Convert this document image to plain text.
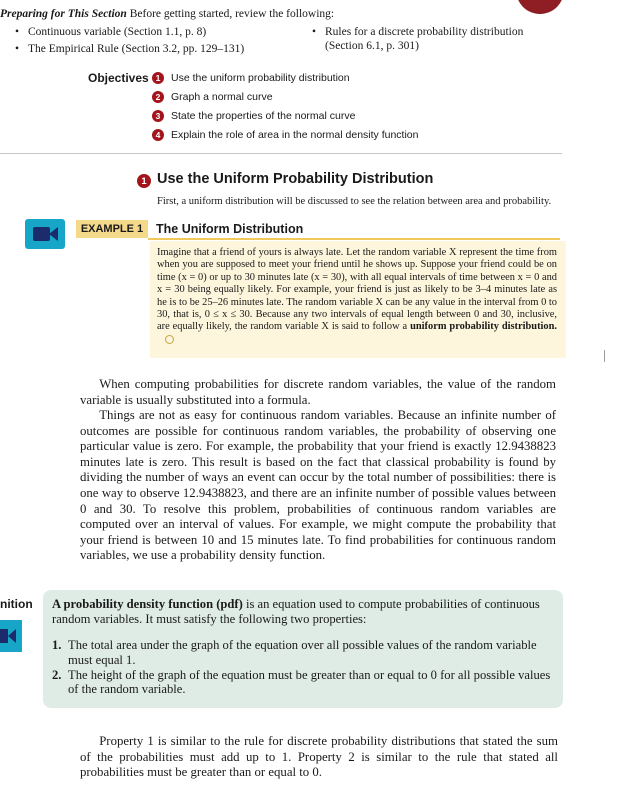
Preparing for This Section Before getting started, review the following:
• Continuous variable (Section 1.1, p. 8)
• The Empirical Rule (Section 3.2, pp. 129–131)
• Rules for a discrete probability distribution
(Section 6.1, p. 301)
Objectives 1	Use the uniform probability distribution
2	Graph a normal curve
3	State the properties of the normal curve
4	Explain the role of area in the normal density function
1 Use the Uniform Probability Distribution
First, a uniform distribution will be discussed to see the relation between area and probability.
EXAMPLE 1	The Uniform Distribution
Imagine that a friend of yours is always late. Let the random variable X represent the time from when you are supposed to meet your friend until he shows up. Suppose your friend could be on time (x = 0) or up to 30 minutes late (x = 30), with all equal intervals of time between x = 0 and x = 30 being equally likely. For example, your friend is just as likely to be 3–4 minutes late as he is to be 25–26 minutes late. The random variable X can be any value in the interval from 0 to 30, that is, 0 ≤ x ≤ 30. Because any two intervals of equal length between 0 and 30, inclusive, are equally likely, the random variable X is said to follow a uniform probability distribution.
When computing probabilities for discrete random variables, the value of the random variable is usually substituted into a formula.
Things are not as easy for continuous random variables. Because an infinite number of outcomes are possible for continuous random variables, the probability of observing one particular value is zero. For example, the probability that your friend is exactly 12.9438823 minutes late is zero. This result is based on the fact that classical probability is found by dividing the number of ways an event can occur by the total number of possibilities: there is one way to observe 12.9438823, and there are an infinite number of possible values between 0 and 30. To resolve this problem, probabilities of continuous random variables are computed over an interval of values. For example, we might compute the probability that your friend is between 10 and 15 minutes late. To find probabilities for continuous random variables, we use a probability density function.
nition A probability density function (pdf) is an equation used to compute probabilities of continuous random variables. It must satisfy the following two properties:
1. The total area under the graph of the equation over all possible values of the random variable must equal 1.
2. The height of the graph of the equation must be greater than or equal to 0 for all possible values of the random variable.
Property 1 is similar to the rule for discrete probability distributions that stated the sum of the probabilities must add up to 1. Property 2 is similar to the rule that stated all probabilities must be greater than or equal to 0.
